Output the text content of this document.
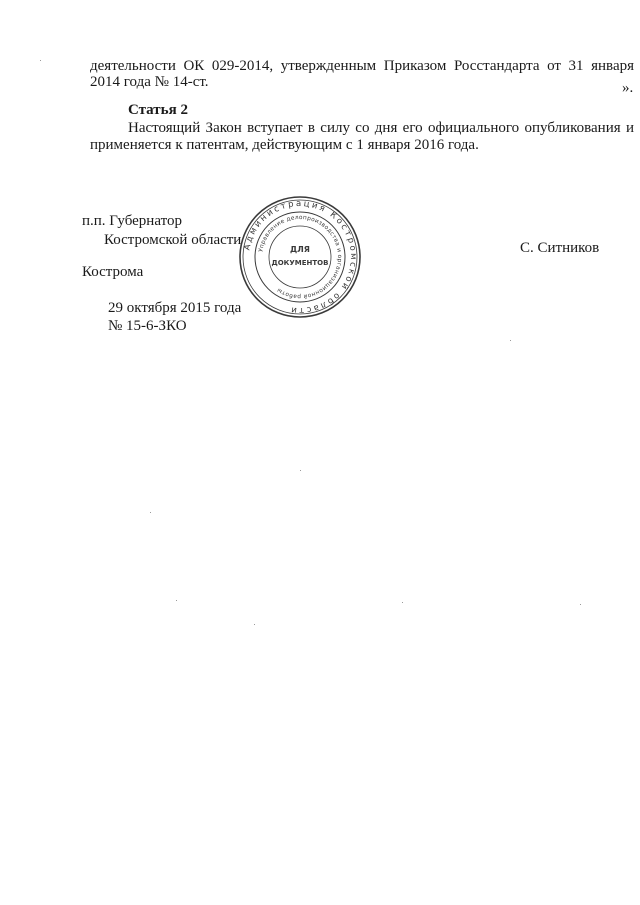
деятельности ОК 029-2014, утвержденным Приказом Росстандарта от 31 января
2014 года № 14-ст.	».
Статья 2
Настоящий Закон вступает в силу со дня его официального опубликования и
применяется к патентам, действующим с 1 января 2016 года.
п.п. Губернатор
Костромской области	С. Ситников
Кострома
29 октября 2015 года
№ 15-6-ЗКО
Администрация Костромской области
Управление делопроизводства и организационной работы
ДЛЯ
ДОКУМЕНТОВ
